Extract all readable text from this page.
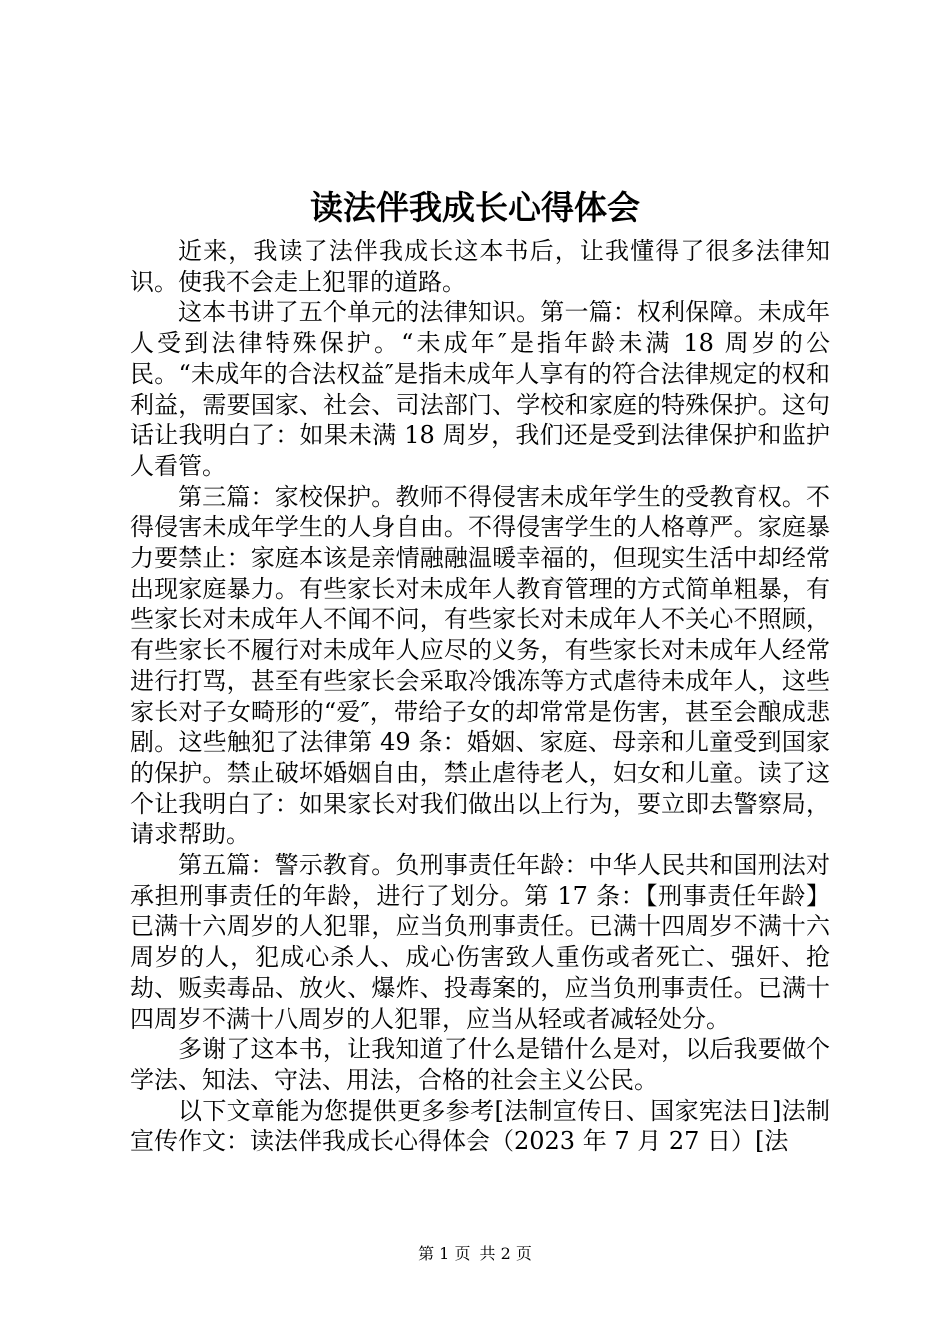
读法伴我成长心得体会

近来，我读了法伴我成长这本书后，让我懂得了很多法律知识。使我不会走上犯罪的道路。

这本书讲了五个单元的法律知识。第一篇：权利保障。未成年人受到法律特殊保护。“未成年″是指年龄未满 18 周岁的公民。“未成年的合法权益″是指未成年人享有的符合法律规定的权和利益，需要国家、社会、司法部门、学校和家庭的特殊保护。这句话让我明白了：如果未满 18 周岁，我们还是受到法律保护和监护人看管。

第三篇：家校保护。教师不得侵害未成年学生的受教育权。不得侵害未成年学生的人身自由。不得侵害学生的人格尊严。家庭暴力要禁止：家庭本该是亲情融融温暖幸福的，但现实生活中却经常出现家庭暴力。有些家长对未成年人教育管理的方式简单粗暴，有些家长对未成年人不闻不问，有些家长对未成年人不关心不照顾，有些家长不履行对未成年人应尽的义务，有些家长对未成年人经常进行打骂，甚至有些家长会采取冷饿冻等方式虐待未成年人，这些家长对子女畸形的“爱″，带给子女的却常常是伤害，甚至会酿成悲剧。这些触犯了法律第 49 条：婚姻、家庭、母亲和儿童受到国家的保护。禁止破坏婚姻自由，禁止虐待老人，妇女和儿童。读了这个让我明白了：如果家长对我们做出以上行为，要立即去警察局，请求帮助。

第五篇：警示教育。负刑事责任年龄：中华人民共和国刑法对承担刑事责任的年龄，进行了划分。第 17 条：【刑事责任年龄】已满十六周岁的人犯罪，应当负刑事责任。已满十四周岁不满十六周岁的人，犯成心杀人、成心伤害致人重伤或者死亡、强奸、抢劫、贩卖毒品、放火、爆炸、投毒案的，应当负刑事责任。已满十四周岁不满十八周岁的人犯罪，应当从轻或者减轻处分。

多谢了这本书，让我知道了什么是错什么是对，以后我要做个学法、知法、守法、用法，合格的社会主义公民。

以下文章能为您提供更多参考[法制宣传日、国家宪法日]法制宣传作文：读法伴我成长心得体会（2023 年 7 月 27 日）[法

第 1 页 共 2 页
